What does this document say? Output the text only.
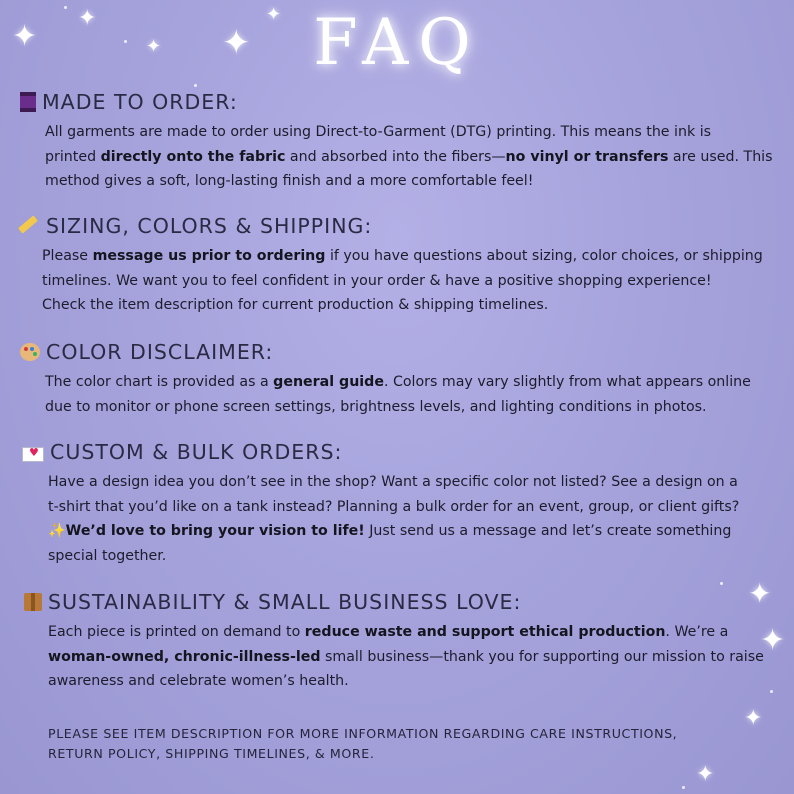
✦
✦
✦ ✦
✦
✦
✦
✦
✦
FAQ
MADE TO ORDER:
All garments are made to order using Direct-to-Garment (DTG) printing. This means the ink is
printed directly onto the fabric and absorbed into the fibers—no vinyl or transfers are used. This
method gives a soft, long-lasting finish and a more comfortable feel!
SIZING, COLORS & SHIPPING:
Please message us prior to ordering if you have questions about sizing, color choices, or shipping
timelines. We want you to feel confident in your order & have a positive shopping experience!
Check the item description for current production & shipping timelines.
COLOR DISCLAIMER:
The color chart is provided as a general guide. Colors may vary slightly from what appears online
due to monitor or phone screen settings, brightness levels, and lighting conditions in photos.
♥
CUSTOM & BULK ORDERS:
Have a design idea you don’t see in the shop? Want a specific color not listed? See a design on a
t-shirt that you’d like on a tank instead? Planning a bulk order for an event, group, or client gifts?
✨We’d love to bring your vision to life! Just send us a message and let’s create something
special together.
SUSTAINABILITY & SMALL BUSINESS LOVE:
Each piece is printed on demand to reduce waste and support ethical production. We’re a
woman-owned, chronic-illness-led small business—thank you for supporting our mission to raise
awareness and celebrate women’s health.
PLEASE SEE ITEM DESCRIPTION FOR MORE INFORMATION REGARDING CARE INSTRUCTIONS,
RETURN POLICY, SHIPPING TIMELINES, & MORE.
